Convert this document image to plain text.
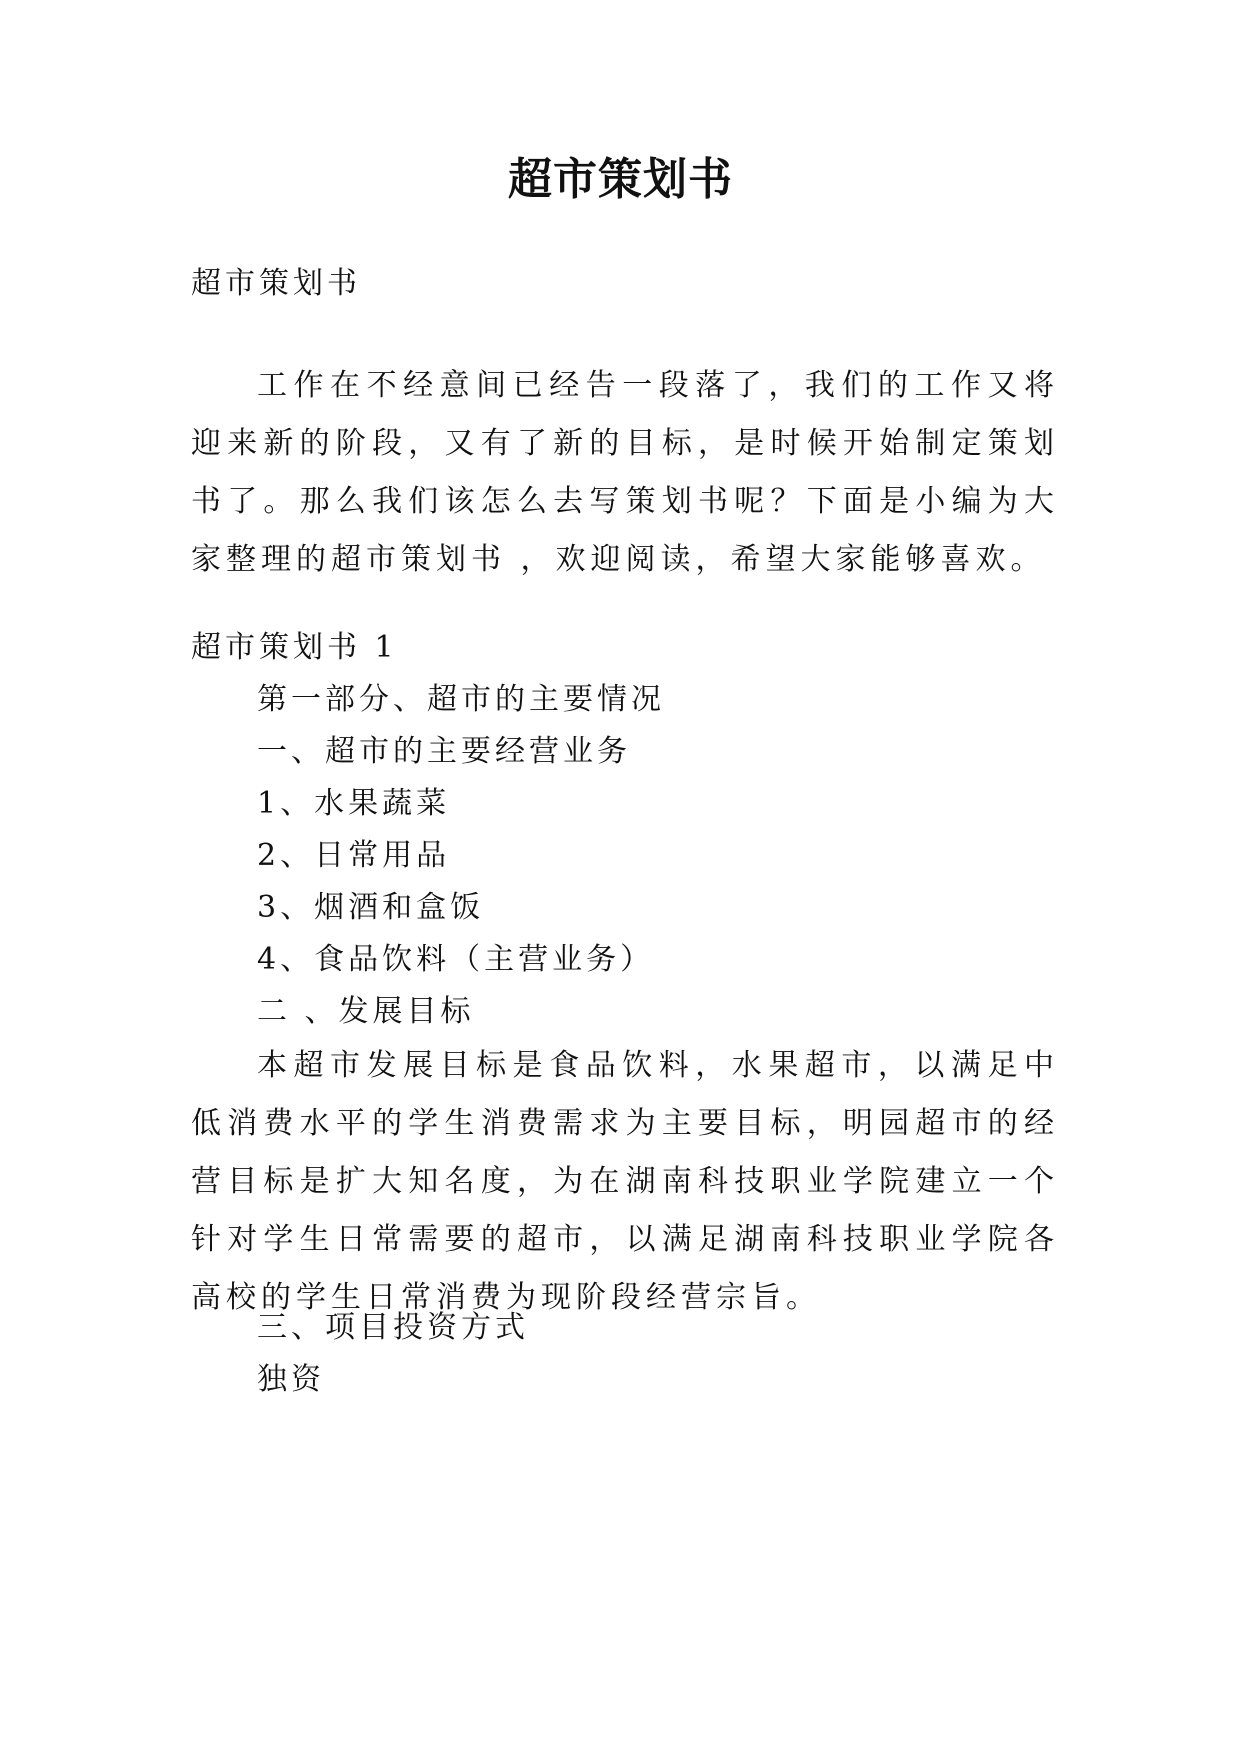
超市策划书
超市策划书
工作在不经意间已经告一段落了，我们的工作又将迎来新的阶段，又有了新的目标，是时候开始制定策划书了。那么我们该怎么去写策划书呢？下面是小编为大家整理的超市策划书 ，欢迎阅读，希望大家能够喜欢。
超市策划书 1
第一部分、超市的主要情况
一、超市的主要经营业务
1、水果蔬菜
2、日常用品
3、烟酒和盒饭
4、食品饮料（主营业务）
二 、发展目标
本超市发展目标是食品饮料，水果超市，以满足中低消费水平的学生消费需求为主要目标，明园超市的经营目标是扩大知名度，为在湖南科技职业学院建立一个针对学生日常需要的超市，以满足湖南科技职业学院各高校的学生日常消费为现阶段经营宗旨。
三、项目投资方式
独资
